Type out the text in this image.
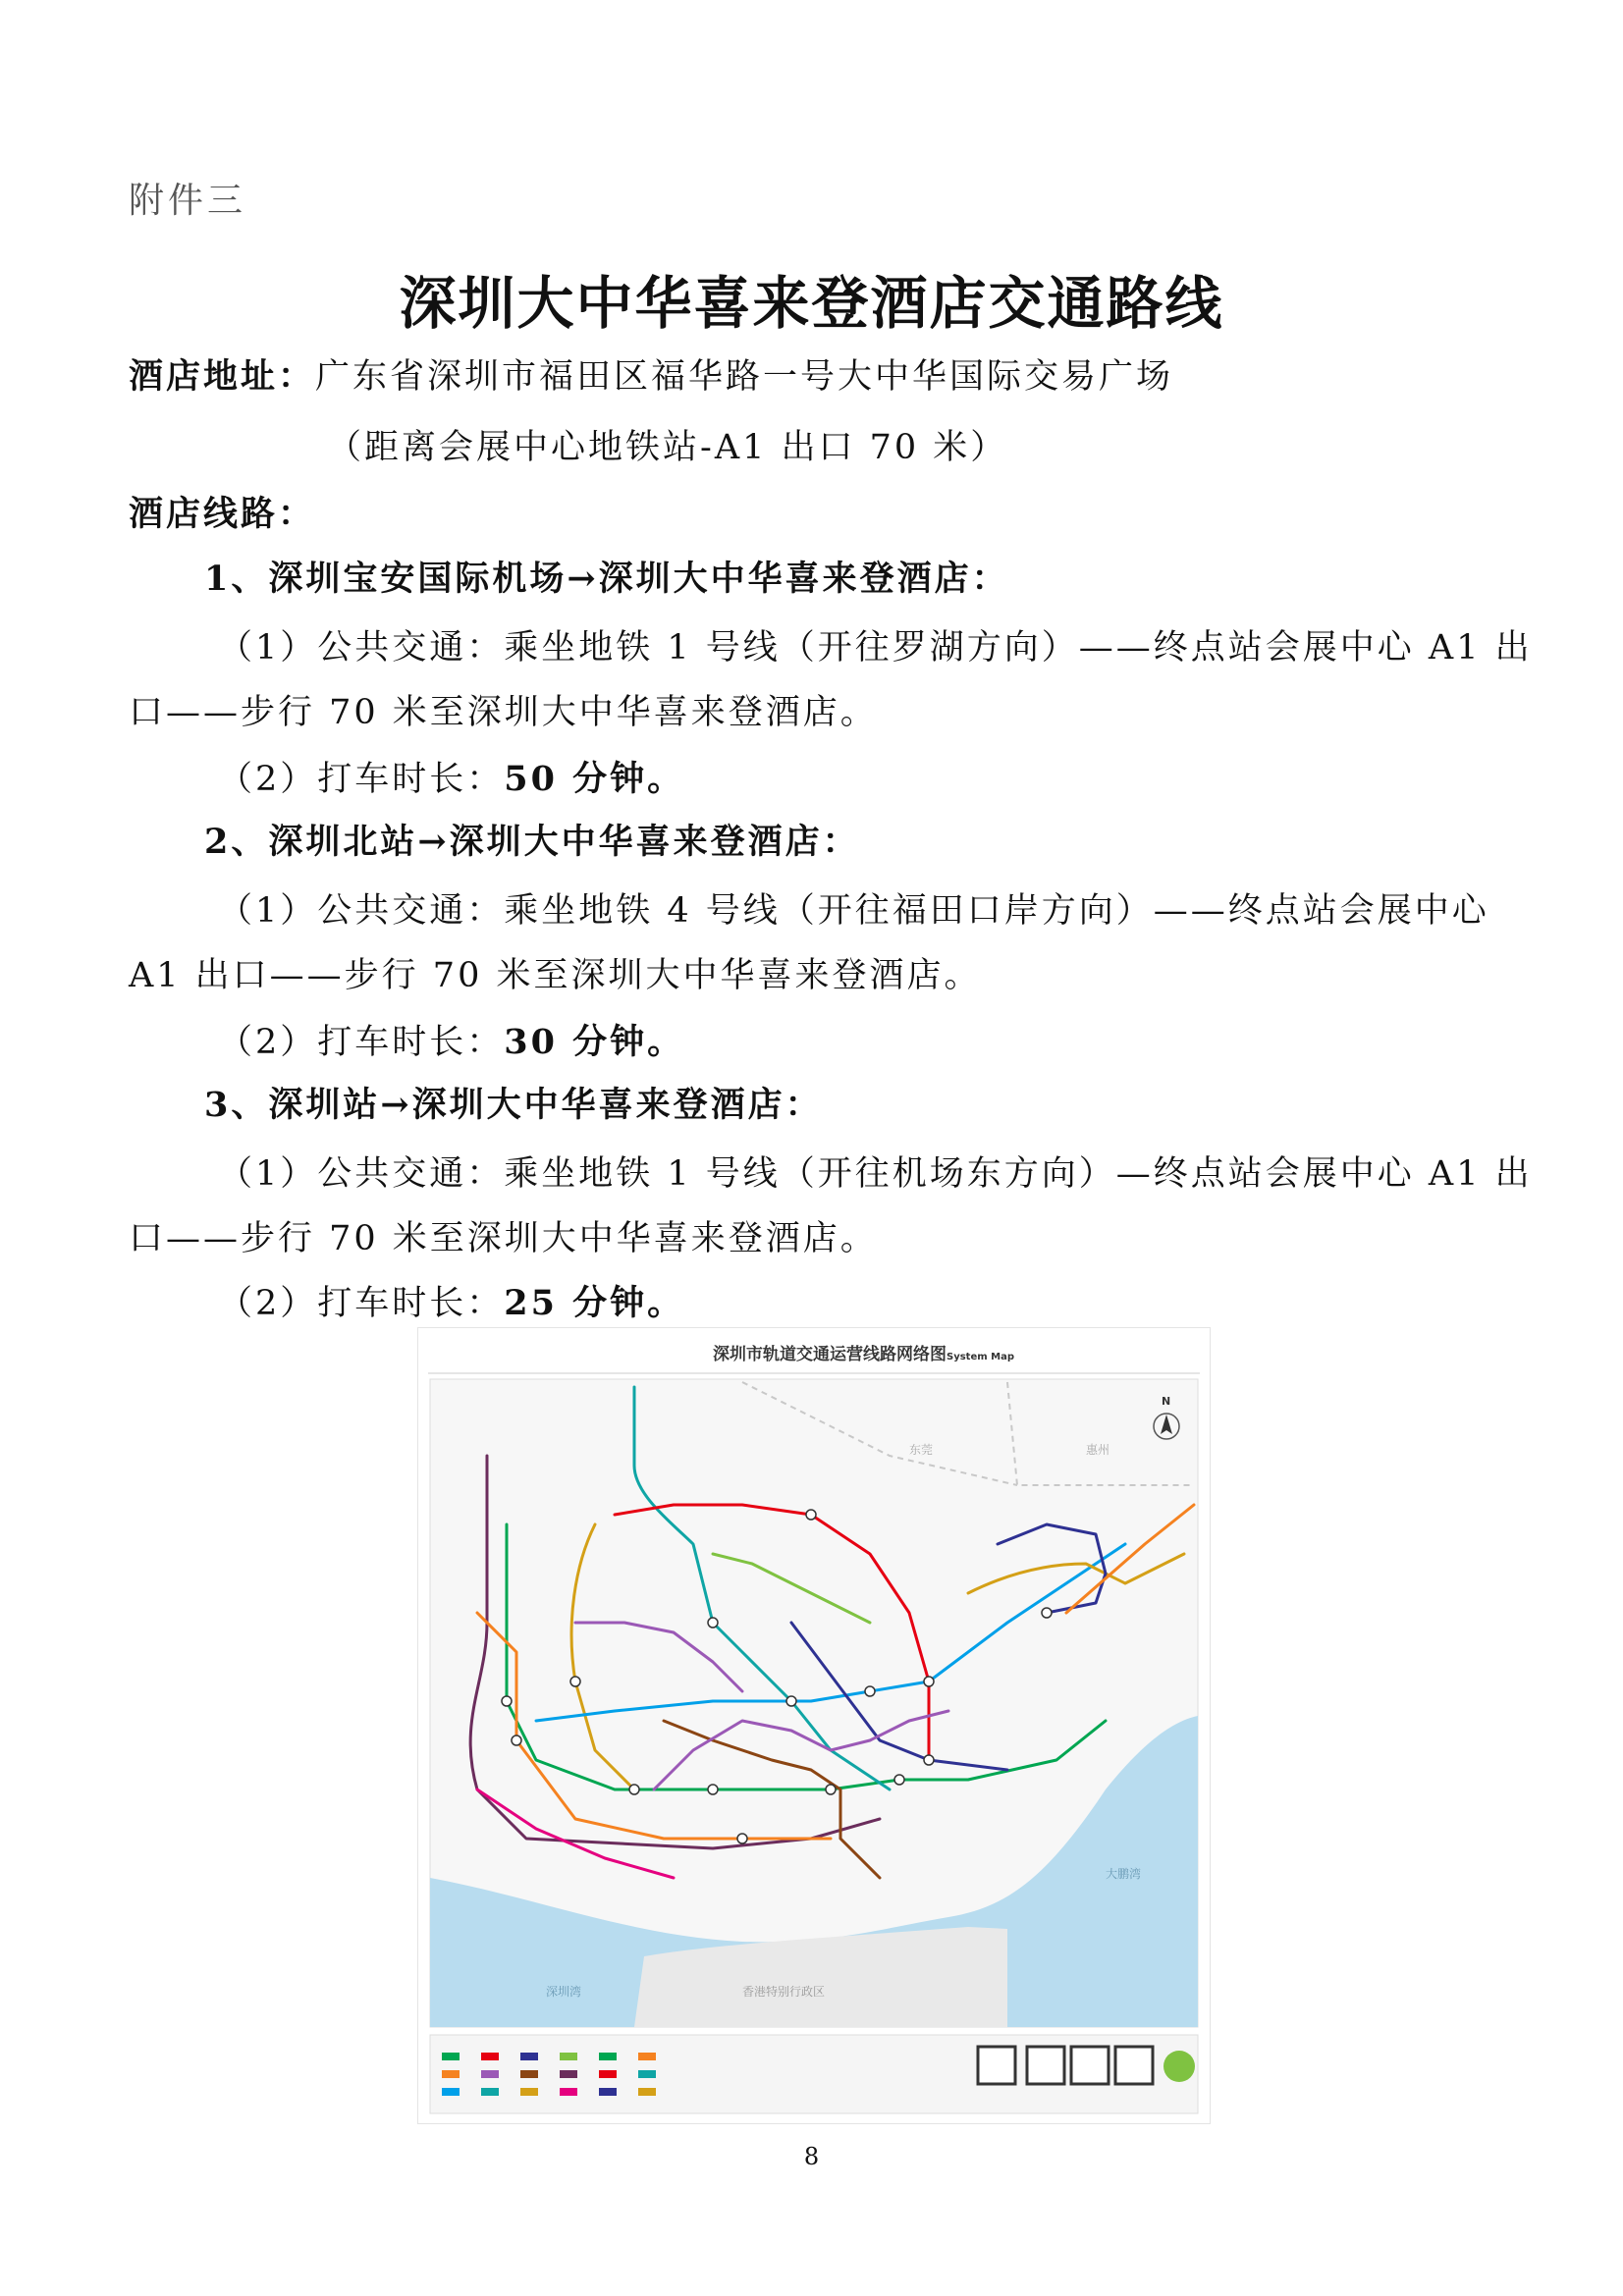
附件三
深圳大中华喜来登酒店交通路线
酒店地址：广东省深圳市福田区福华路一号大中华国际交易广场
（距离会展中心地铁站-A1 出口 70 米）
酒店线路：
1、深圳宝安国际机场→深圳大中华喜来登酒店：
（1）公共交通：乘坐地铁 1 号线（开往罗湖方向）——终点站会展中心 A1 出
口——步行 70 米至深圳大中华喜来登酒店。
（2）打车时长：50 分钟。
2、深圳北站→深圳大中华喜来登酒店：
（1）公共交通：乘坐地铁 4 号线（开往福田口岸方向）——终点站会展中心
A1 出口——步行 70 米至深圳大中华喜来登酒店。
（2）打车时长：30 分钟。
3、深圳站→深圳大中华喜来登酒店：
（1）公共交通：乘坐地铁 1 号线（开往机场东方向）—终点站会展中心 A1 出
口——步行 70 米至深圳大中华喜来登酒店。
（2）打车时长：25 分钟。
深圳市轨道交通运营线路网络图 System Map
东莞	惠州
N
深圳湾	香港特别行政区
大鹏湾
8
